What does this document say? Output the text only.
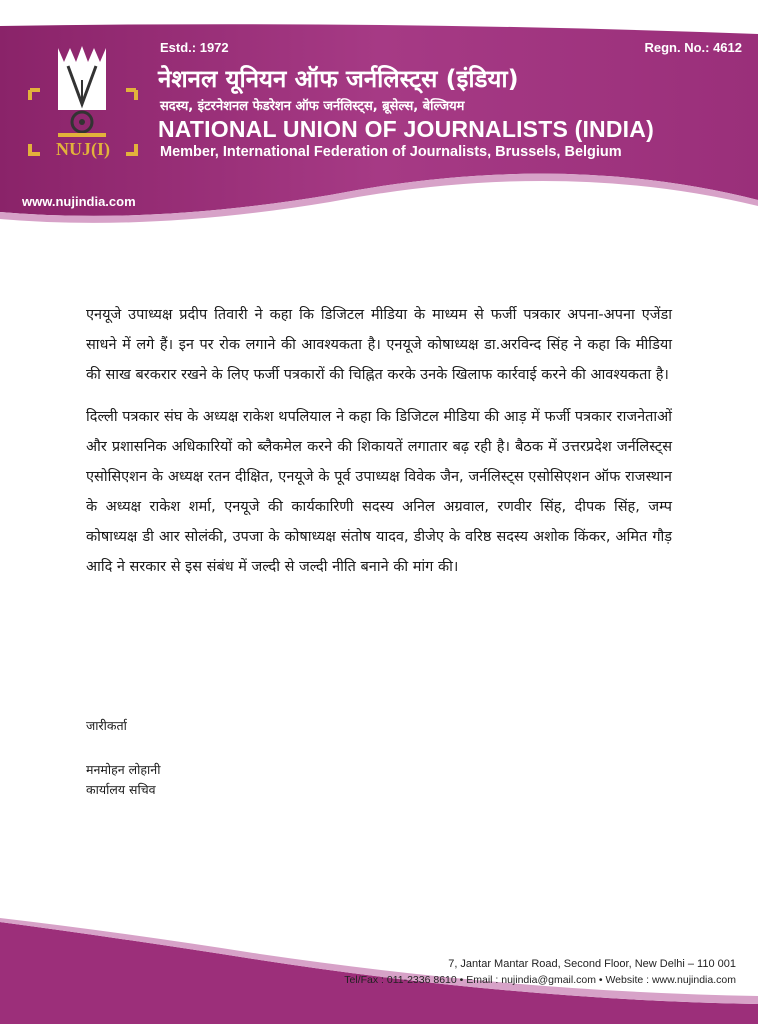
NUJ(I)
Estd.: 1972	Regn. No.: 4612
नेशनल यूनियन ऑफ जर्नलिस्ट्स (इंडिया)
सदस्य, इंटरनेशनल फेडरेशन ऑफ जर्नलिस्ट्स, ब्रूसेल्स, बेल्जियम
NATIONAL UNION OF JOURNALISTS (INDIA)
Member, International Federation of Journalists, Brussels, Belgium
www.nujindia.com

एनयूजे उपाध्यक्ष प्रदीप तिवारी ने कहा कि डिजिटल मीडिया के माध्यम से फर्जी पत्रकार अपना-अपना एजेंडा साधने में लगे हैं। इन पर रोक लगाने की आवश्यकता है। एनयूजे कोषाध्यक्ष डा.अरविन्द सिंह ने कहा कि मीडिया की साख बरकरार रखने के लिए फर्जी पत्रकारों की चिह्नित करके उनके खिलाफ कार्रवाई करने की आवश्यकता है।

दिल्ली पत्रकार संघ के अध्यक्ष राकेश थपलियाल ने कहा कि डिजिटल मीडिया की आड़ में फर्जी पत्रकार राजनेताओं और प्रशासनिक अधिकारियों को ब्लैकमेल करने की शिकायतें लगातार बढ़ रही है। बैठक में उत्तरप्रदेश जर्नलिस्ट्स एसोसिएशन के अध्यक्ष रतन दीक्षित, एनयूजे के पूर्व उपाध्यक्ष विवेक जैन, जर्नलिस्ट्स एसोसिएशन ऑफ राजस्थान के अध्यक्ष राकेश शर्मा, एनयूजे की कार्यकारिणी सदस्य अनिल अग्रवाल, रणवीर सिंह, दीपक सिंह, जम्प कोषाध्यक्ष डी आर सोलंकी, उपजा के कोषाध्यक्ष संतोष यादव, डीजेए के वरिष्ठ सदस्य अशोक किंकर, अमित गौड़ आदि ने सरकार से इस संबंध में जल्दी से जल्दी नीति बनाने की मांग की।

जारीकर्ता
मनमोहन लोहानी
कार्यालय सचिव
7, Jantar Mantar Road, Second Floor, New Delhi – 110 001
Tel/Fax : 011-2336 8610 • Email : nujindia@gmail.com • Website : www.nujindia.com
